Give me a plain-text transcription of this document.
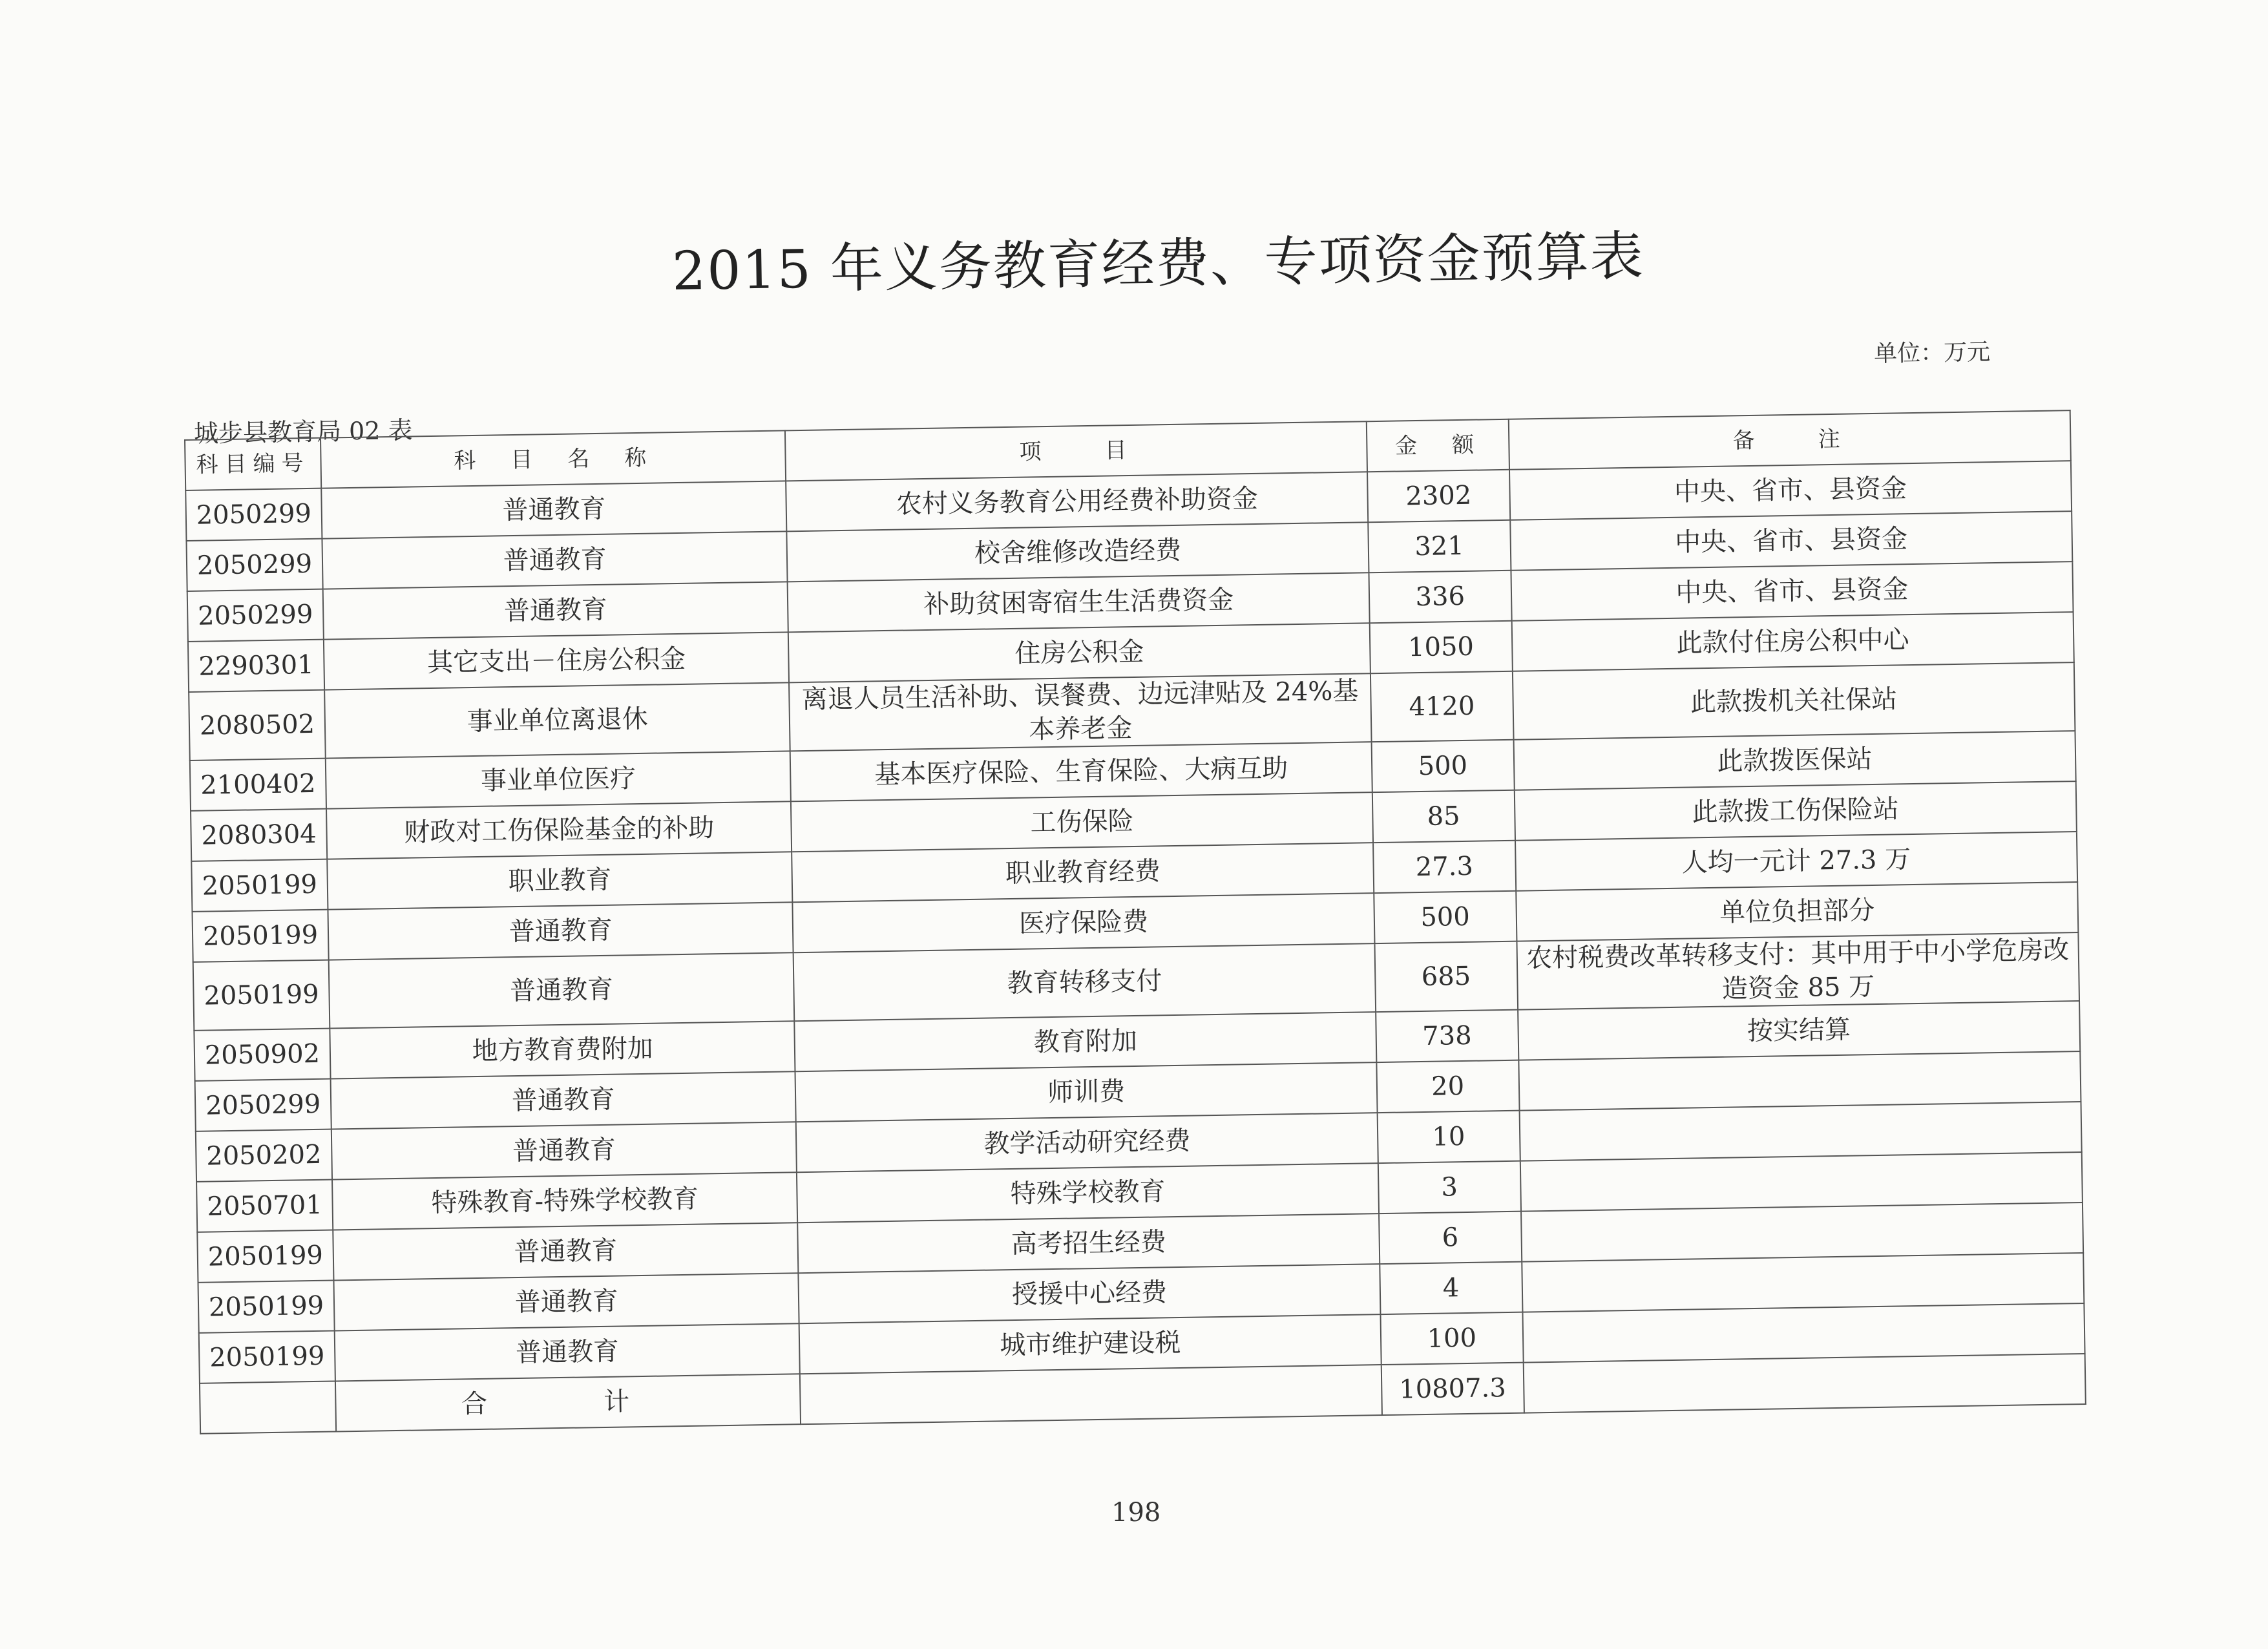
2015 年义务教育经费、专项资金预算表
单位：万元
城步县教育局 02 表
科目编号	科　目　名　称	项　　目	金　额	备　　注
2050299	普通教育	农村义务教育公用经费补助资金	2302	中央、省市、县资金
2050299	普通教育	校舍维修改造经费	321	中央、省市、县资金
2050299	普通教育	补助贫困寄宿生生活费资金	336	中央、省市、县资金
2290301	其它支出－住房公积金	住房公积金	1050	此款付住房公积中心
2080502	事业单位离退休	离退人员生活补助、误餐费、边远津贴及 24%基本养老金	4120	此款拨机关社保站
2100402	事业单位医疗	基本医疗保险、生育保险、大病互助	500	此款拨医保站
2080304	财政对工伤保险基金的补助	工伤保险	85	此款拨工伤保险站
2050199	职业教育	职业教育经费	27.3	人均一元计 27.3 万
2050199	普通教育	医疗保险费	500	单位负担部分
2050199	普通教育	教育转移支付	685	农村税费改革转移支付：其中用于中小学危房改造资金 85 万
2050902	地方教育费附加	教育附加	738	按实结算
2050299	普通教育	师训费	20	
2050202	普通教育	教学活动研究经费	10	
2050701	特殊教育-特殊学校教育	特殊学校教育	3	
2050199	普通教育	高考招生经费	6	
2050199	普通教育	授援中心经费	4	
2050199	普通教育	城市维护建设税	100	
	合　计		10807.3	
198
